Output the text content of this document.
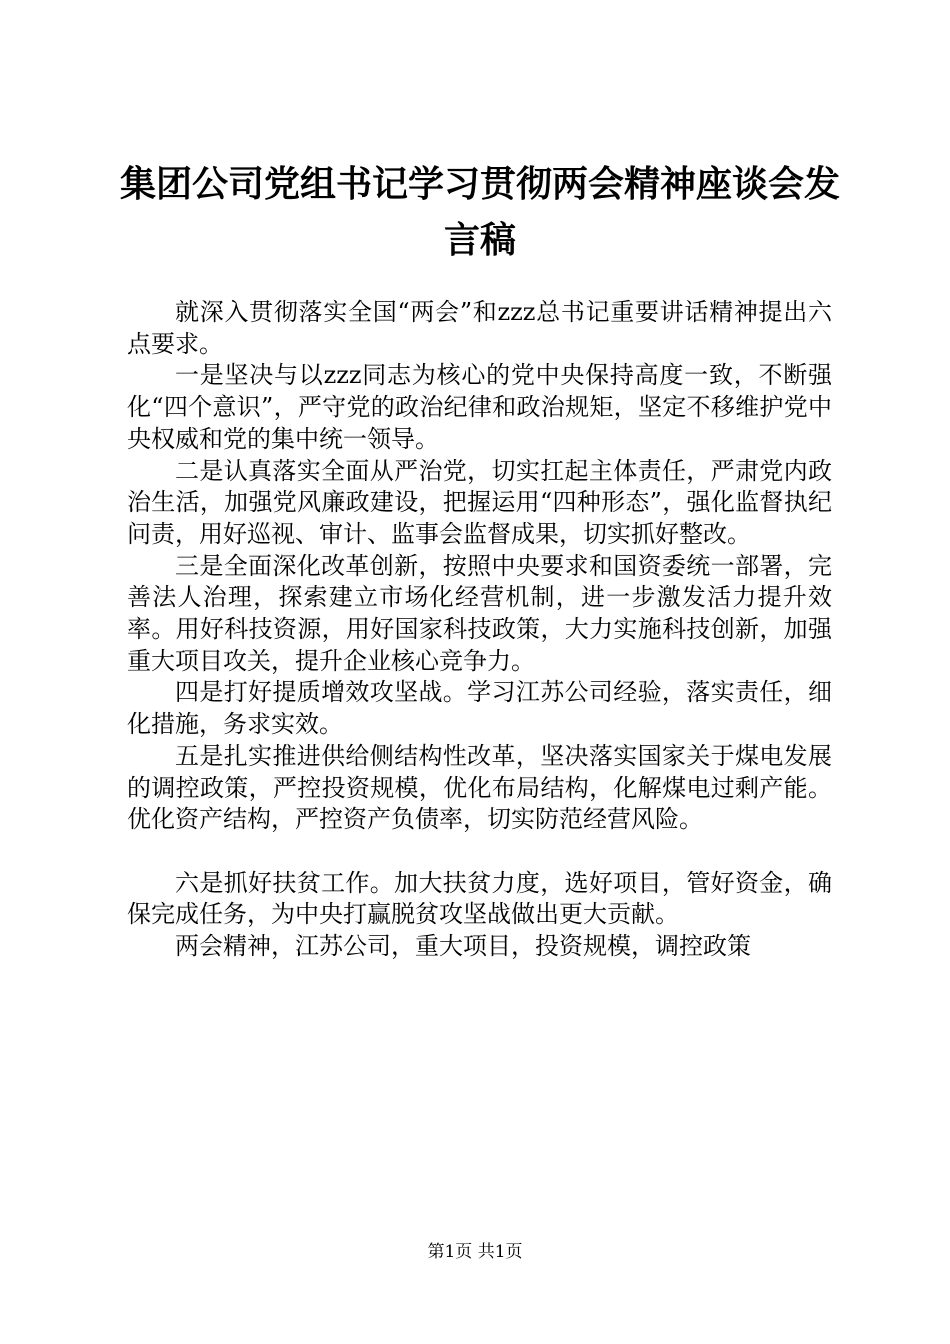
集团公司党组书记学习贯彻两会精神座谈会发言稿

就深入贯彻落实全国“两会”和zzz总书记重要讲话精神提出六点要求。

一是坚决与以zzz同志为核心的党中央保持高度一致，不断强化“四个意识”，严守党的政治纪律和政治规矩，坚定不移维护党中央权威和党的集中统一领导。

二是认真落实全面从严治党，切实扛起主体责任，严肃党内政治生活，加强党风廉政建设，把握运用“四种形态”，强化监督执纪问责，用好巡视、审计、监事会监督成果，切实抓好整改。

三是全面深化改革创新，按照中央要求和国资委统一部署，完善法人治理，探索建立市场化经营机制，进一步激发活力提升效率。用好科技资源，用好国家科技政策，大力实施科技创新，加强重大项目攻关，提升企业核心竞争力。

四是打好提质增效攻坚战。学习江苏公司经验，落实责任，细化措施，务求实效。

五是扎实推进供给侧结构性改革，坚决落实国家关于煤电发展的调控政策，严控投资规模，优化布局结构，化解煤电过剩产能。优化资产结构，严控资产负债率，切实防范经营风险。

六是抓好扶贫工作。加大扶贫力度，选好项目，管好资金，确保完成任务，为中央打赢脱贫攻坚战做出更大贡献。

两会精神，江苏公司，重大项目，投资规模，调控政策

第1页 共1页
